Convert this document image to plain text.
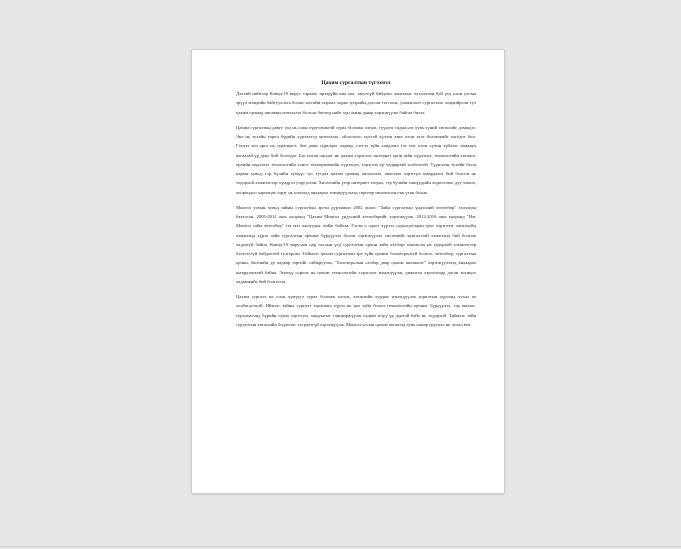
Цахим сургалтын түгээмэл

Дэлхий нийтээр Ковид-19 вирус тархаж, ирээдүйн амь нас, аюулгүй байдлыг хангахыг чухалчлан буй үед олон улсын эрүүл мэндийн байгууллага болон засгийн газраас хорио цээрийн дэглэм тогтоож, уламжлалт сургалтаас хөндийрсөн тул цахим орчинд шилжин хичээллэх болсон бөгөөд нийт хүн амын даяар хэрэгжүүлж байгаа билээ.

Цахим сургалтын давуу тал нь олон хүртээмжтэй сурах боломж олгож, түүнээс гадна нэг хувь хүний хөгжлийг дэмждэг. Энэ нь тухайн төрөл бүрийн хүрээлэлд хичээллэх, ойлголтоо хүчтэй хүлээн авах олон талт боломжийг олгодог бил. Гэхдээ энэ арга нь суралцагч, бие даан суралцах чадвар, сэтгэл зүйн хандлага гэх мэт олон хүчин зүйлээс хамаарч ялгаатай үр дүнг бий болгодог. Бас нэгэн онцлог нь цахим хэрэглээ, интернет орон зайн хүрэлцээ, технологийн хөгжил, өрхийн мэдээлэл технологийн тоног төхөөрөмжийн хүрэлцээ, хэрэглэх ур чадвартай холбоотой. Түүнчлэн тухайн багш нарын хувьд, гэр бүлийн хүмүүс тус тусдаа цахим орчинд хичээллэх, ажиллах хэрэгцээ шаардлага бий болсон нь тодорхой хэмжээгээр хүндрэл учруулсан. Хичээлийн үеэр интернет тасрах, гэр бүлийн гишүүдийн хөдөлгөөн, дуу чимээ, хоорондоо харилцах зэрэг нь хичээлд анхаарал төвлөрүүлэхэд сөргөөр нөлөөлсөн гэж үзэж болно.

Монгол улсын хувьд зайны сургалтын эргэн дүрэмжих 2002 оноос "Зайн сургалтын үндэсний хөтөлбөр" хэлэлцэн баталсан, 2005-2012 оны хооронд "Цахим Монгол үндэсний хөтөлбөрийг хэрэгжүүлж, 2012-2016 оны хооронд "Нэг Монгол сайн хөтөлбөр" гэх мэт ажлуудыг хийж байлаа. Гэсэн ч одоог хүртэл суралцагчдын эрхт хэрэглээг хангахуйц хэмжээнд хүрэх зайн сургалтын орчныг бүрдүүлэх болон хэрэгжүүлэх системийг хангалттай хэмжээнд бий болгож чадаагүй байна. Ковид-19 вирусын цар тахлын үед сургалтын орчин зайн хэлбэрт шилжсэн нь тодорхой хэмжээгээр бэлтгэлгүй байдалтай тулгарсан. Тиймээс цахим сургалтын эрх зүйн орчинг боловсронгуй болгох, хөтөлбөр, сургалтын орчин, багшийн ур чадвар зэргийг сайжруулах, "Боловсролын салбар даяр цахим шилжилт" хэрэгжүүлэхэд анхаарах шаардлагатай байна. Энэхүү сорилт нь цахим технологийн хэрэглээг нэмэгдүүлж, дижитал хэрэглээнд дасан зохицох чадамжийг бий болгосон.

Цахим сургалт нь олон хүмүүст сурах боломж олгож, хөгжлийн хурдыг нэмэгдүүлэх зорилтын хүрээнд чухал ач холбогдолтой. Иймээс зайны сургалт хэрэгжих хүрээ нь эрх зүйн болон технологийн орчныг бүрдүүлэх, тэр ангиас, суралцагчид бүрийн сурах хэрэгцээ, хандлагыг тэнцвэржүүлж чадвал илүү үр дүнтэй байх нь тодорхой. Тиймээс зайн сургалтын хөгжлийн бодлогыг тасралтгүй хэрэгжүүлж, Монгол улсын цахим хөгжилд хувь нэмэр оруулах нь чухал юм.
